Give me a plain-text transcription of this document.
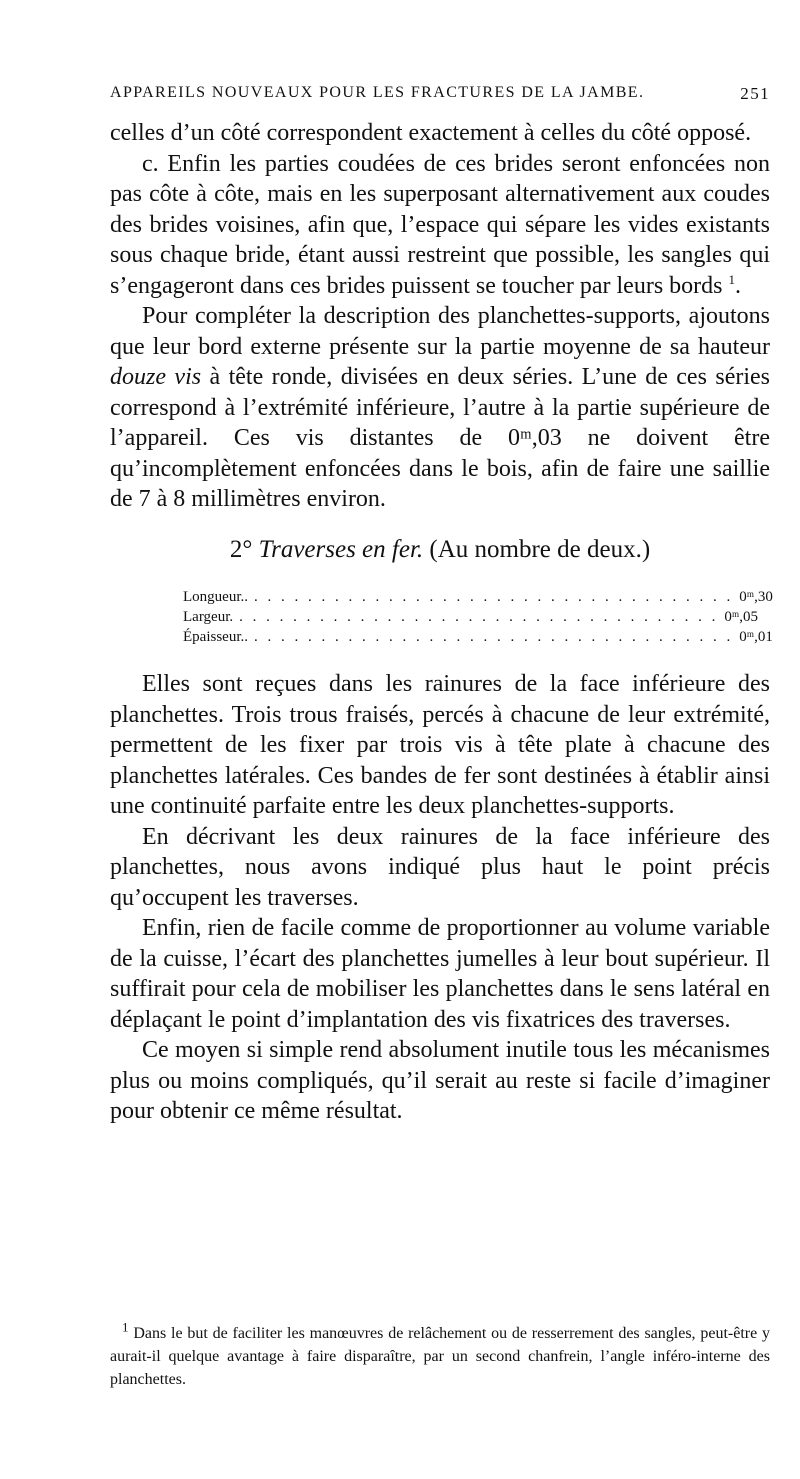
APPAREILS NOUVEAUX POUR LES FRACTURES DE LA JAMBE.	251

celles d’un côté correspondent exactement à celles du côté opposé.

c. Enfin les parties coudées de ces brides seront enfoncées non pas côte à côte, mais en les superposant alternativement aux coudes des brides voisines, afin que, l’espace qui sépare les vides existants sous chaque bride, étant aussi restreint que possible, les sangles qui s’engageront dans ces brides puissent se toucher par leurs bords $^1$.

Pour compléter la description des planchettes-supports, ajoutons que leur bord externe présente sur la partie moyenne de sa hauteur douze vis à tête ronde, divisées en deux séries. L’une de ces séries correspond à l’extrémité inférieure, l’autre à la partie supérieure de l’appareil. Ces vis distantes de 0ᵐ,03 ne doivent être qu’incomplètement enfoncées dans le bois, afin de faire une saillie de 7 à 8 millimètres environ.

2° Traverses en fer. (Au nombre de deux.)
Longueur.. . . . . . . . . . . . . . . . . . . . . . . . . . . . . . . . . . . . . 0ᵐ,30
Largeur. . . . . . . . . . . . . . . . . . . . . . . . . . . . . . . . . . . . . 0ᵐ,05
Épaisseur.. . . . . . . . . . . . . . . . . . . . . . . . . . . . . . . . . . . . . 0ᵐ,01

Elles sont reçues dans les rainures de la face inférieure des planchettes. Trois trous fraisés, percés à chacune de leur extrémité, permettent de les fixer par trois vis à tête plate à chacune des planchettes latérales. Ces bandes de fer sont destinées à établir ainsi une continuité parfaite entre les deux planchettes-supports.

En décrivant les deux rainures de la face inférieure des planchettes, nous avons indiqué plus haut le point précis qu’occupent les traverses.

Enfin, rien de facile comme de proportionner au volume variable de la cuisse, l’écart des planchettes jumelles à leur bout supérieur. Il suffirait pour cela de mobiliser les planchettes dans le sens latéral en déplaçant le point d’implantation des vis fixatrices des traverses.

Ce moyen si simple rend absolument inutile tous les mécanismes plus ou moins compliqués, qu’il serait au reste si facile d’imaginer pour obtenir ce même résultat.

$^1$ Dans le but de faciliter les manœuvres de relâchement ou de resserrement des sangles, peut-être y aurait-il quelque avantage à faire disparaître, par un second chanfrein, l’angle inféro-interne des planchettes.
